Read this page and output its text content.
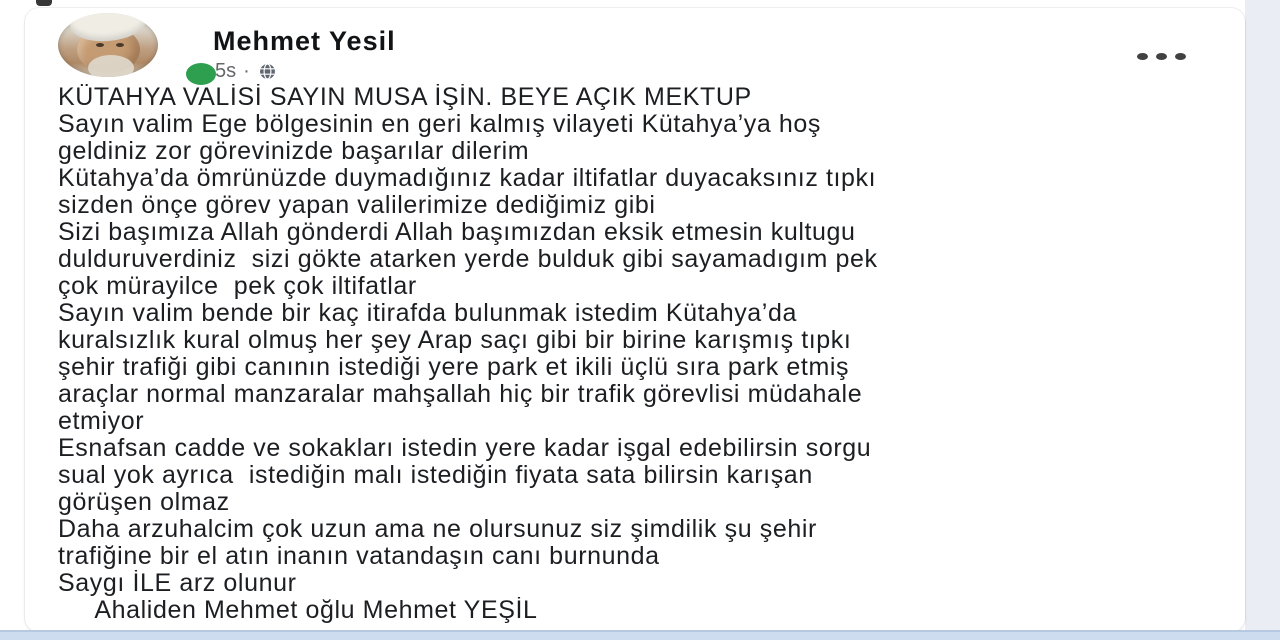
Mehmet Yesil
5s ·
KÜTAHYA VALİSİ SAYIN MUSA İŞİN. BEYE AÇIK MEKTUP
Sayın valim Ege bölgesinin en geri kalmış vilayeti Kütahya’ya hoş
geldiniz zor görevinizde başarılar dilerim
Kütahya’da ömrünüzde duymadığınız kadar iltifatlar duyacaksınız tıpkı
sizden önçe görev yapan valilerimize dediğimiz gibi
Sizi başımıza Allah gönderdi Allah başımızdan eksik etmesin kultugu
dulduruverdiniz  sizi gökte atarken yerde bulduk gibi sayamadıgım pek
çok mürayilce  pek çok iltifatlar
Sayın valim bende bir kaç itirafda bulunmak istedim Kütahya’da
kuralsızlık kural olmuş her şey Arap saçı gibi bir birine karışmış tıpkı
şehir trafiği gibi canının istediği yere park et ikili üçlü sıra park etmiş
araçlar normal manzaralar mahşallah hiç bir trafik görevlisi müdahale
etmiyor
Esnafsan cadde ve sokakları istedin yere kadar işgal edebilirsin sorgu
sual yok ayrıca  istediğin malı istediğin fiyata sata bilirsin karışan
görüşen olmaz
Daha arzuhalcim çok uzun ama ne olursunuz siz şimdilik şu şehir
trafiğine bir el atın inanın vatandaşın canı burnunda
Saygı İLE arz olunur
Ahaliden Mehmet oğlu Mehmet YEŞİL
